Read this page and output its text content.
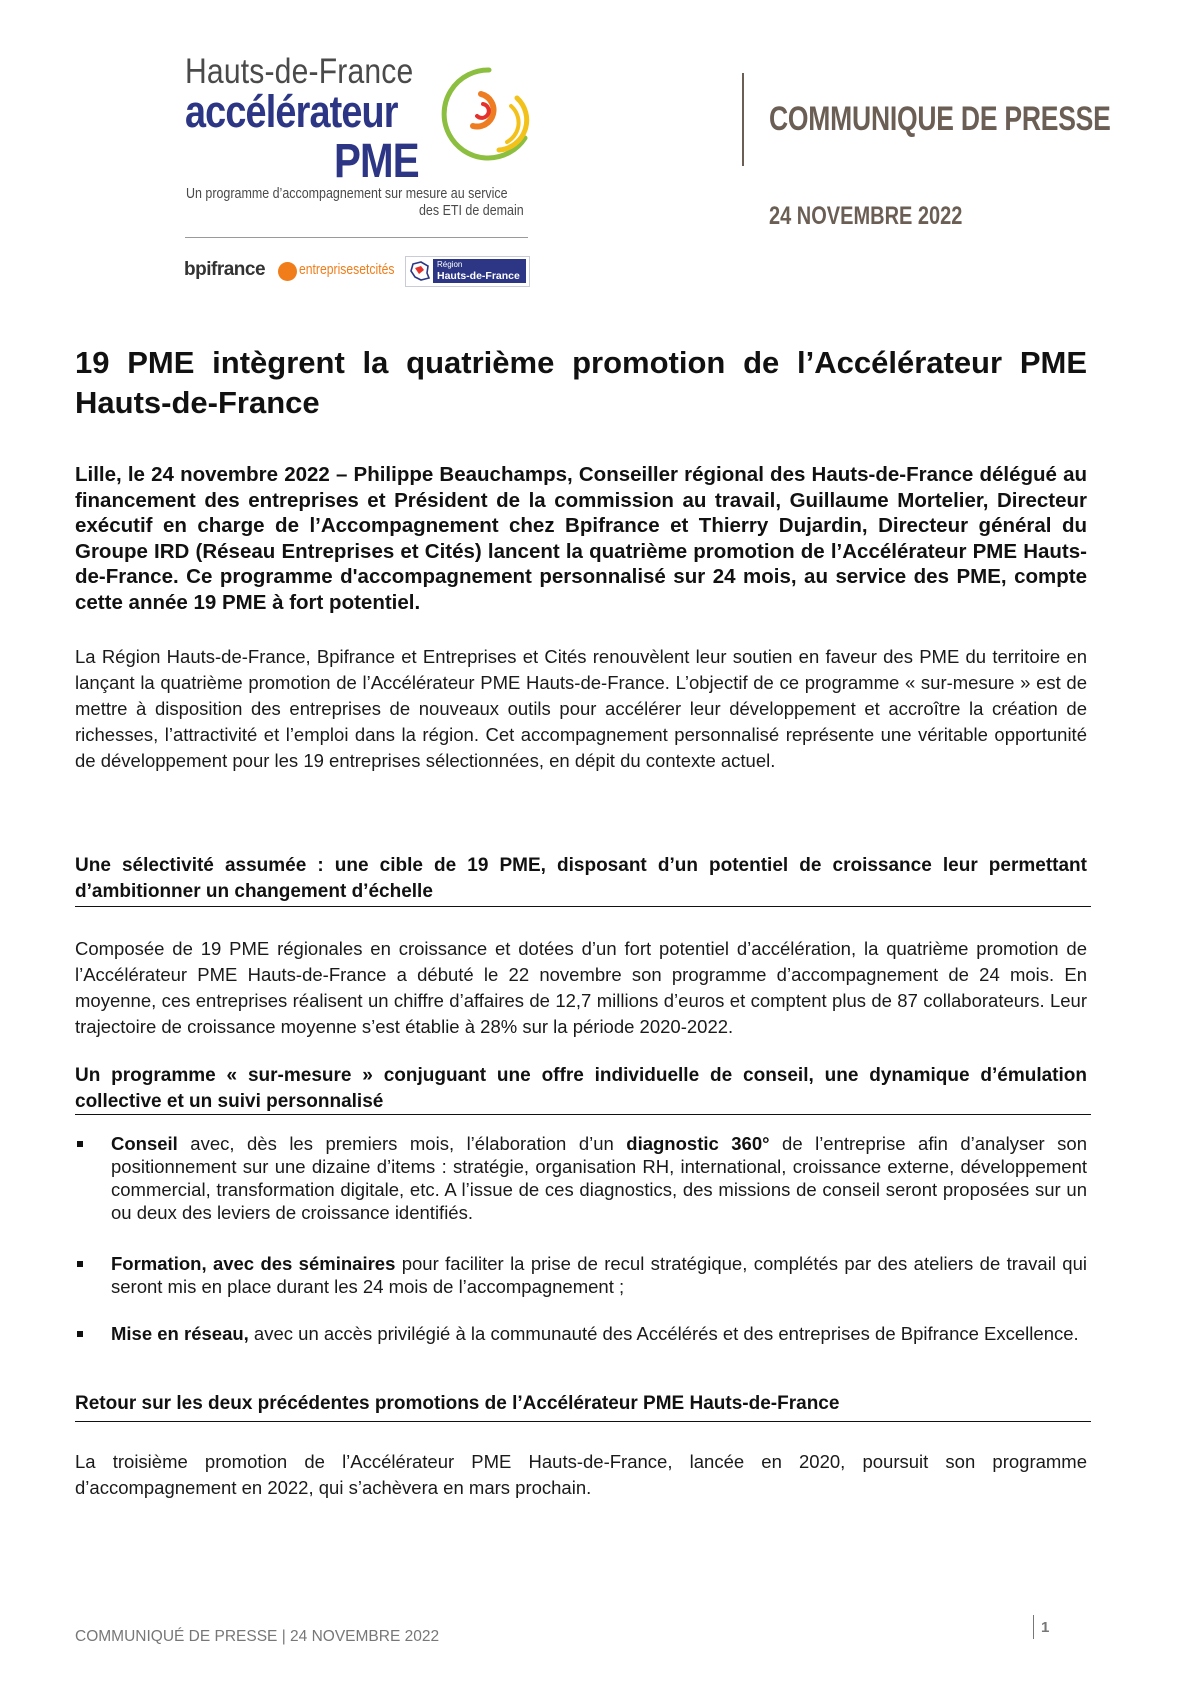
Hauts-de-France
accélérateur
PME
Un programme d’accompagnement sur mesure au service
des ETI de demain
bpifrance entreprisesetcités	Région
Hauts-de-France
COMMUNIQUE DE PRESSE
24 NOVEMBRE 2022
19 PME intègrent la quatrième promotion de l’Accélérateur PME Hauts-de-France
Lille, le 24 novembre 2022 – Philippe Beauchamps, Conseiller régional des Hauts-de-France délégué au financement des entreprises et Président de la commission au travail, Guillaume Mortelier, Directeur exécutif en charge de l’Accompagnement chez Bpifrance et Thierry Dujardin, Directeur général du Groupe IRD (Réseau Entreprises et Cités) lancent la quatrième promotion de l’Accélérateur PME Hauts-de-France. Ce programme d'accompagnement personnalisé sur 24 mois, au service des PME, compte cette année 19 PME à fort potentiel.
La Région Hauts-de-France, Bpifrance et Entreprises et Cités renouvèlent leur soutien en faveur des PME du territoire en lançant la quatrième promotion de l’Accélérateur PME Hauts-de-France. L’objectif de ce programme « sur-mesure » est de mettre à disposition des entreprises de nouveaux outils pour accélérer leur développement et accroître la création de richesses, l’attractivité et l’emploi dans la région. Cet accompagnement personnalisé représente une véritable opportunité de développement pour les 19 entreprises sélectionnées, en dépit du contexte actuel.
Une sélectivité assumée : une cible de 19 PME, disposant d’un potentiel de croissance leur permettant d’ambitionner un changement d’échelle
Composée de 19 PME régionales en croissance et dotées d’un fort potentiel d’accélération, la quatrième promotion de l’Accélérateur PME Hauts-de-France a débuté le 22 novembre son programme d’accompagnement de 24 mois. En moyenne, ces entreprises réalisent un chiffre d’affaires de 12,7 millions d’euros et comptent plus de 87 collaborateurs. Leur trajectoire de croissance moyenne s’est établie à 28% sur la période 2020-2022.
Un programme « sur-mesure » conjuguant une offre individuelle de conseil, une dynamique d’émulation collective et un suivi personnalisé
Conseil avec, dès les premiers mois, l’élaboration d’un diagnostic 360° de l’entreprise afin d’analyser son positionnement sur une dizaine d’items : stratégie, organisation RH, international, croissance externe, développement commercial, transformation digitale, etc. A l’issue de ces diagnostics, des missions de conseil seront proposées sur un ou deux des leviers de croissance identifiés.
Formation, avec des séminaires pour faciliter la prise de recul stratégique, complétés par des ateliers de travail qui seront mis en place durant les 24 mois de l’accompagnement ;
Mise en réseau, avec un accès privilégié à la communauté des Accélérés et des entreprises de Bpifrance Excellence.
Retour sur les deux précédentes promotions de l’Accélérateur PME Hauts-de-France
La troisième promotion de l’Accélérateur PME Hauts-de-France, lancée en 2020, poursuit son programme d’accompagnement en 2022, qui s’achèvera en mars prochain.
COMMUNIQUÉ DE PRESSE | 24 NOVEMBRE 2022
1
